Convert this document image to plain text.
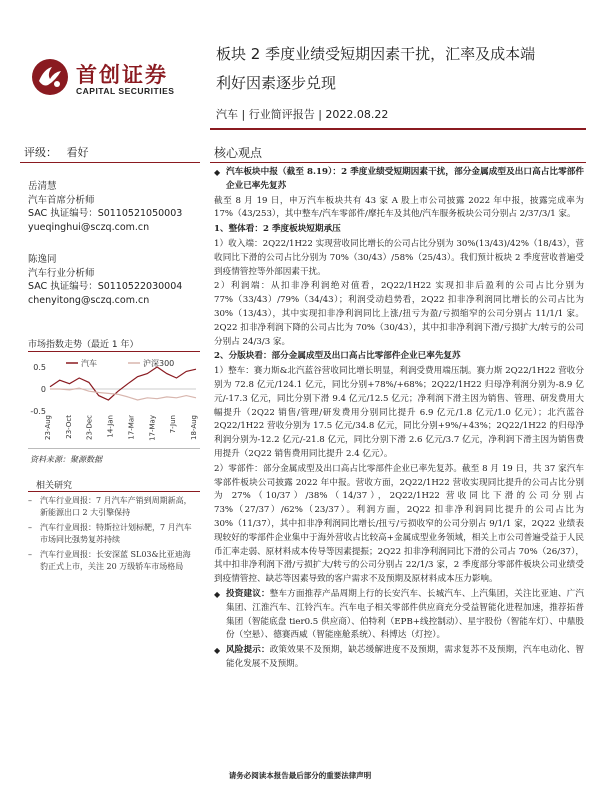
首创证券
CAPITAL SECURITIES
板块 2 季度业绩受短期因素干扰，汇率及成本端
利好因素逐步兑现
汽车 | 行业简评报告 | 2022.08.22
评级： 看好	核心观点
岳清慧
汽车首席分析师
SAC 执证编号：S0110521050003
yueqinghui@sczq.com.cn
陈逸同
汽车行业分析师
SAC 执证编号：S0110522030004
chenyitong@sczq.com.cn
市场指数走势（最近 1 年）
0.5
0
-0.5
汽车	沪深300
23-Aug 23-Oct 23-Dec 14-Jan 17-Mar 17-May 7-Jun 18-Aug
资料来源：聚源数据
相关研究
– 汽车行业周报：7 月汽车产销到周期新高，新能源出口 2 大引擎保持
– 汽车行业周报：特斯拉计划标靶，7 月汽车市场同比强势复苏持续
– 汽车行业周报：长安深蓝 SL03&比亚迪海豹正式上市，关注 20 万级轿车市场格局
◆ 汽车板块中报（截至 8.19）：2 季度业绩受短期因素干扰，部分金属成型及出口高占比零部件企业已率先复苏
截至 8 月 19 日，申万汽车板块共有 43 家 A 股上市公司披露 2022 年中报，披露完成率为 17%（43/253），其中整车/汽车零部件/摩托车及其他/汽车服务板块公司分别占 2/37/3/1 家。
1、整体看：2 季度板块短期承压
1）收入端：2Q22/1H22 实现营收同比增长的公司占比分别为 30%(13/43)/42%（18/43），营收同比下滑的公司占比分别为 70%（30/43）/58%（25/43）。我们预计板块 2 季度营收普遍受到疫情管控等外部因素干扰。
2）利润端：从扣非净利润绝对值看，2Q22/1H22 实现扣非后盈利的公司占比分别为 77%（33/43）/79%（34/43）；利润受动趋势看，2Q22 扣非净利润同比增长的公司占比为 30%（13/43），其中实现扣非净利润同比上涨/扭亏为盈/亏损缩窄的公司分别占 11/1/1 家。2Q22 扣非净利润下降的公司占比为 70%（30/43），其中扣非净利润下滑/亏损扩大/转亏的公司分别占 24/3/3 家。
2、分版块看：部分金属成型及出口高占比零部件企业已率先复苏
1）整车：赛力斯&北汽蓝谷营收同比增长明显，利润受费用端压制。赛力斯 2Q22/1H22 营收分别为 72.8 亿元/124.1 亿元，同比分别+78%/+68%；2Q22/1H22 归母净利润分别为-8.9 亿元/-17.3 亿元，同比分别下滑 9.4 亿元/12.5 亿元；净利润下滑主因为销售、管理、研发费用大幅提升（2Q22 销售/管理/研发费用分别同比提升 6.9 亿元/1.8 亿元/1.0 亿元）；北汽蓝谷 2Q22/1H22 营收分别为 17.5 亿元/34.8 亿元，同比分别+9%/+43%；2Q22/1H22 的归母净利润分别为-12.2 亿元/-21.8 亿元，同比分别下滑 2.6 亿元/3.7 亿元，净利润下滑主因为销售费用提升（2Q22 销售费用同比提升 2.4 亿元）。
2）零部件：部分金属成型及出口高占比零部件企业已率先复苏。截至 8 月 19 日，共 37 家汽车零部件板块公司披露 2022 年中报。营收方面，2Q22/1H22 营收实现同比提升的公司占比分别为 27%（10/37）/38%（14/37），2Q22/1H22 营收同比下滑的公司分别占 73%（27/37）/62%（23/37）。利润方面，2Q22 扣非净利润同比提升的公司占比为 30%（11/37），其中扣非净利润同比增长/扭亏/亏损收窄的公司分别占 9/1/1 家，2Q22 业绩表现较好的零部件企业集中于海外营收占比较高+金属成型业务领域，相关上市公司普遍受益于人民币汇率走弱、原材料成本传导等因素提振；2Q22 扣非净利润同比下滑的公司占 70%（26/37），其中扣非净利润下滑/亏损扩大/转亏的公司分别占 22/1/3 家，2 季度部分零部件板块公司业绩受到疫情管控、缺芯等因素导致的客户需求不及预期及原材料成本压力影响。
◆ 投资建议：整车方面推荐产品周期上行的长安汽车、长城汽车、上汽集团，关注比亚迪、广汽集团、江淮汽车、江铃汽车。汽车电子相关零部件供应商充分受益智能化进程加速，推荐拓普集团（智能底盘 tier0.5 供应商）、伯特利（EPB+线控制动）、星宇股份（智能车灯）、中鼎股份（空悬）、德赛西威（智能座舱系统）、科博达（灯控）。
◆ 风险提示：政策效果不及预期，缺芯缓解进度不及预期，需求复苏不及预期，汽车电动化、智能化发展不及预期。
请务必阅读本报告最后部分的重要法律声明
